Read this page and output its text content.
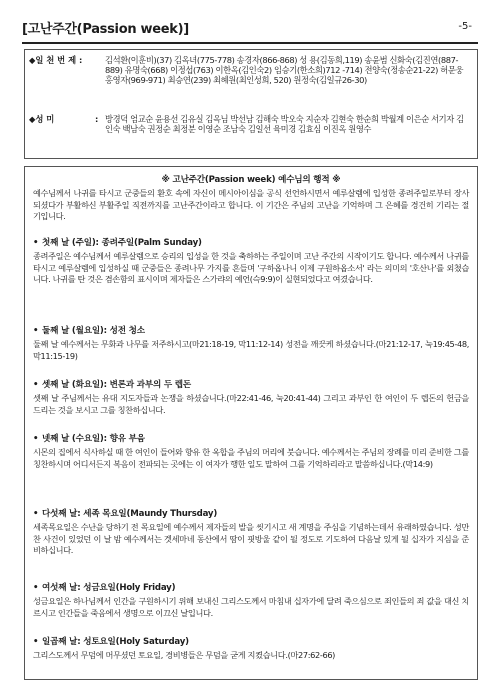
[고난주간(Passion week)]	-5-
◆일 천 번 제 :	김석환(이훈비)(37) 김옥녀(775-778) 송경자(866-868) 성 용(김동희,119) 송윤범 신화숙(김진연(887-889) 유명숙(668) 이정섭(763) 이한옥(김인숙2) 임승기(한소희)712 -714) 전양숙(정송순21-22) 허문웅 홍영자(969-971) 최승연(239) 최혜원(최인성희, 520) 원정숙(김일규26-30)
◆성 미	: 방경덕 엄교순 윤용선 김유실 김옥님 박선남 김해숙 박오숙 지순자 김현숙 한순희 박월계 이은순 서기자 김인숙 백남숙 권정순 최정분 이영순 조남숙 김일선 육미경 김효심 이진옥 원영수
※ 고난주간(Passion week) 예수님의 행적 ※
예수님께서 나귀를 타시고 군중들의 환호 속에 자신이 메시아이심을 공식 선언하시면서 예루살렘에 입성한 종려주일로부터 장사되셨다가 부활하신 부활주일 직전까지를 고난주간이라고 합니다. 이 기간은 주님의 고난을 기억하며 그 은혜를 경건히 기리는 절기입니다.
• 첫째 날 (주일): 종려주일(Palm Sunday)
종려주일은 예수님께서 예루살렘으로 승리의 입성을 한 것을 축하하는 주일이며 고난 주간의 시작이기도 합니다. 예수께서 나귀를 타시고 예루살렘에 입성하실 때 군중들은 종려나무 가지를 흔들며 '구하옵나니 이제 구원하옵소서' 라는 의미의 '호산나'를 외쳤습니다. 나귀를 탄 것은 겸손함의 표시이며 제자들은 스가랴의 예언(슥9:9)이 실현되었다고 여겼습니다.
• 둘째 날 (월요일): 성전 청소
둘째 날 예수께서는 무화과 나무를 저주하시고(마21:18-19, 막11:12-14) 성전을 깨끗케 하셨습니다.(마21:12-17, 눅19:45-48, 막11:15-19)
• 셋째 날 (화요일): 변론과 과부의 두 렙돈
셋째 날 주님께서는 유대 지도자들과 논쟁을 하셨습니다.(마22:41-46, 눅20:41-44) 그리고 과부인 한 여인이 두 렙돈의 헌금을 드리는 것을 보시고 그를 칭찬하십니다.
• 넷째 날 (수요일): 향유 부음
시몬의 집에서 식사하실 때 한 여인이 들어와 향유 한 옥합을 주님의 머리에 붓습니다. 예수께서는 주님의 장례를 미리 준비한 그를 칭찬하시며 어디서든지 복음이 전파되는 곳에는 이 여자가 행한 일도 말하여 그를 기억하리라고 말씀하십니다.(막14:9)
• 다섯째 날: 세족 목요일(Maundy Thursday)
세족목요일은 수난을 당하기 전 목요일에 예수께서 제자들의 발을 씻기시고 새 계명을 주심을 기념하는데서 유래하였습니다. 성만찬 사건이 있었던 이 날 밤 예수께서는 겟세마네 동산에서 땀이 핏방울 같이 될 정도로 기도하여 다음날 있게 될 십자가 지심을 준비하십니다.
• 여섯째 날: 성금요일(Holy Friday)
성금요일은 하나님께서 인간을 구원하시기 위해 보내신 그리스도께서 마침내 십자가에 달려 죽으심으로 죄인들의 죄 값을 대신 치르시고 인간들을 죽음에서 생명으로 이끄신 날입니다.
• 일곱째 날: 성토요일(Holy Saturday)
그리스도께서 무덤에 머무셨던 토요일, 경비병들은 무덤을 굳게 지켰습니다.(마27:62-66)
